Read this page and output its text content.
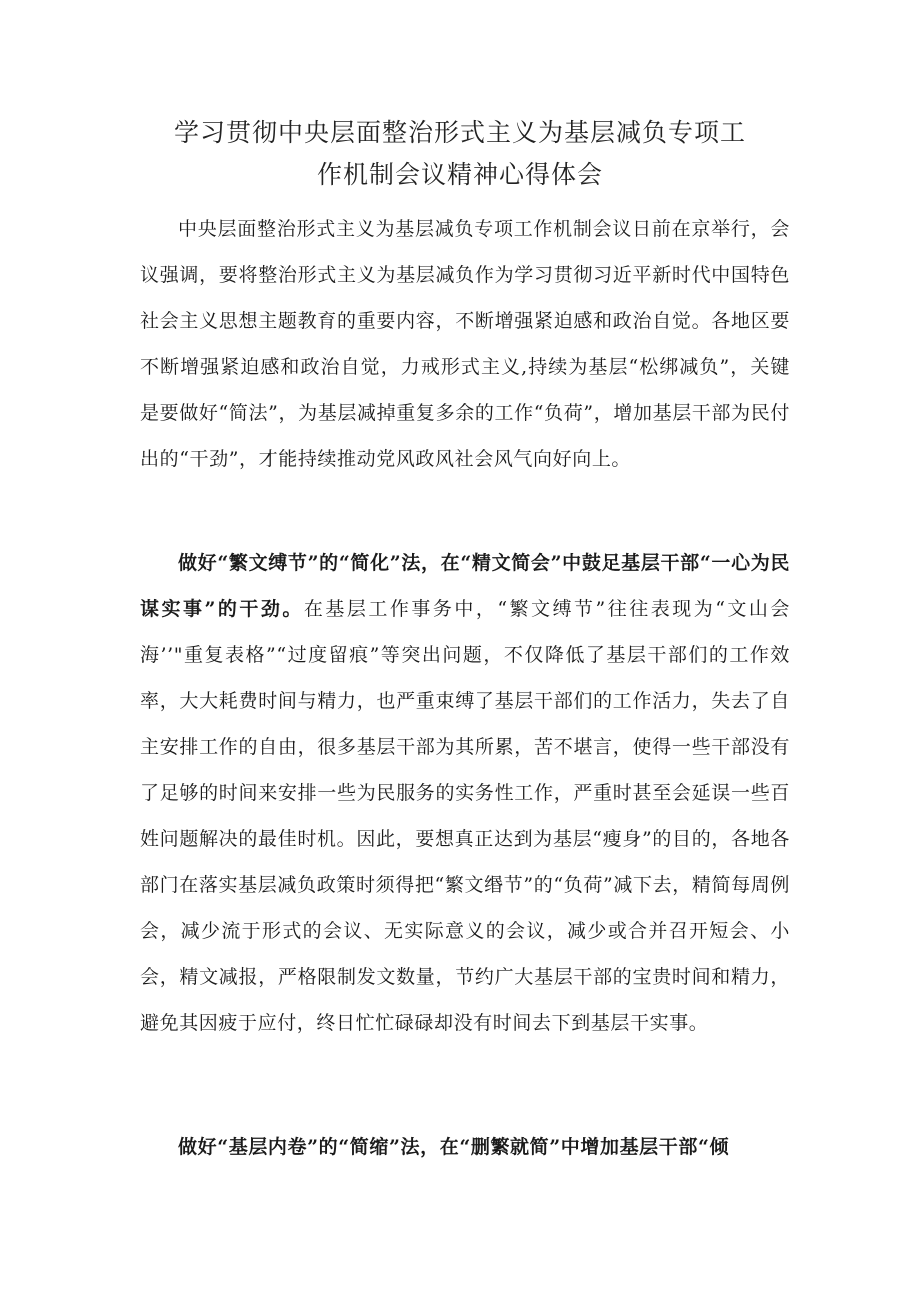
学习贯彻中央层面整治形式主义为基层减负专项工
作机制会议精神心得体会

中央层面整治形式主义为基层减负专项工作机制会议日前在京举行，会议强调，要将整治形式主义为基层减负作为学习贯彻习近平新时代中国特色社会主义思想主题教育的重要内容，不断增强紧迫感和政治自觉。各地区要不断增强紧迫感和政治自觉，力戒形式主义,持续为基层“松绑减负”，关键是要做好“简法”，为基层减掉重复多余的工作“负荷”，增加基层干部为民付出的“干劲”，才能持续推动党风政风社会风气向好向上。

做好“繁文缚节”的“简化”法，在“精文简会”中鼓足基层干部“一心为民谋实事”的干劲。在基层工作事务中，“繁文缚节”往往表现为“文山会海’’"重复表格”“过度留痕”等突出问题，不仅降低了基层干部们的工作效率，大大耗费时间与精力，也严重束缚了基层干部们的工作活力，失去了自主安排工作的自由，很多基层干部为其所累，苦不堪言，使得一些干部没有了足够的时间来安排一些为民服务的实务性工作，严重时甚至会延误一些百姓问题解决的最佳时机。因此，要想真正达到为基层“瘦身”的目的，各地各部门在落实基层减负政策时须得把“繁文缗节”的“负荷”减下去，精简每周例会，减少流于形式的会议、无实际意义的会议，减少或合并召开短会、小会，精文减报，严格限制发文数量，节约广大基层干部的宝贵时间和精力，避免其因疲于应付，终日忙忙碌碌却没有时间去下到基层干实事。

做好“基层内卷”的“简缩”法，在“删繁就简”中增加基层干部“倾
